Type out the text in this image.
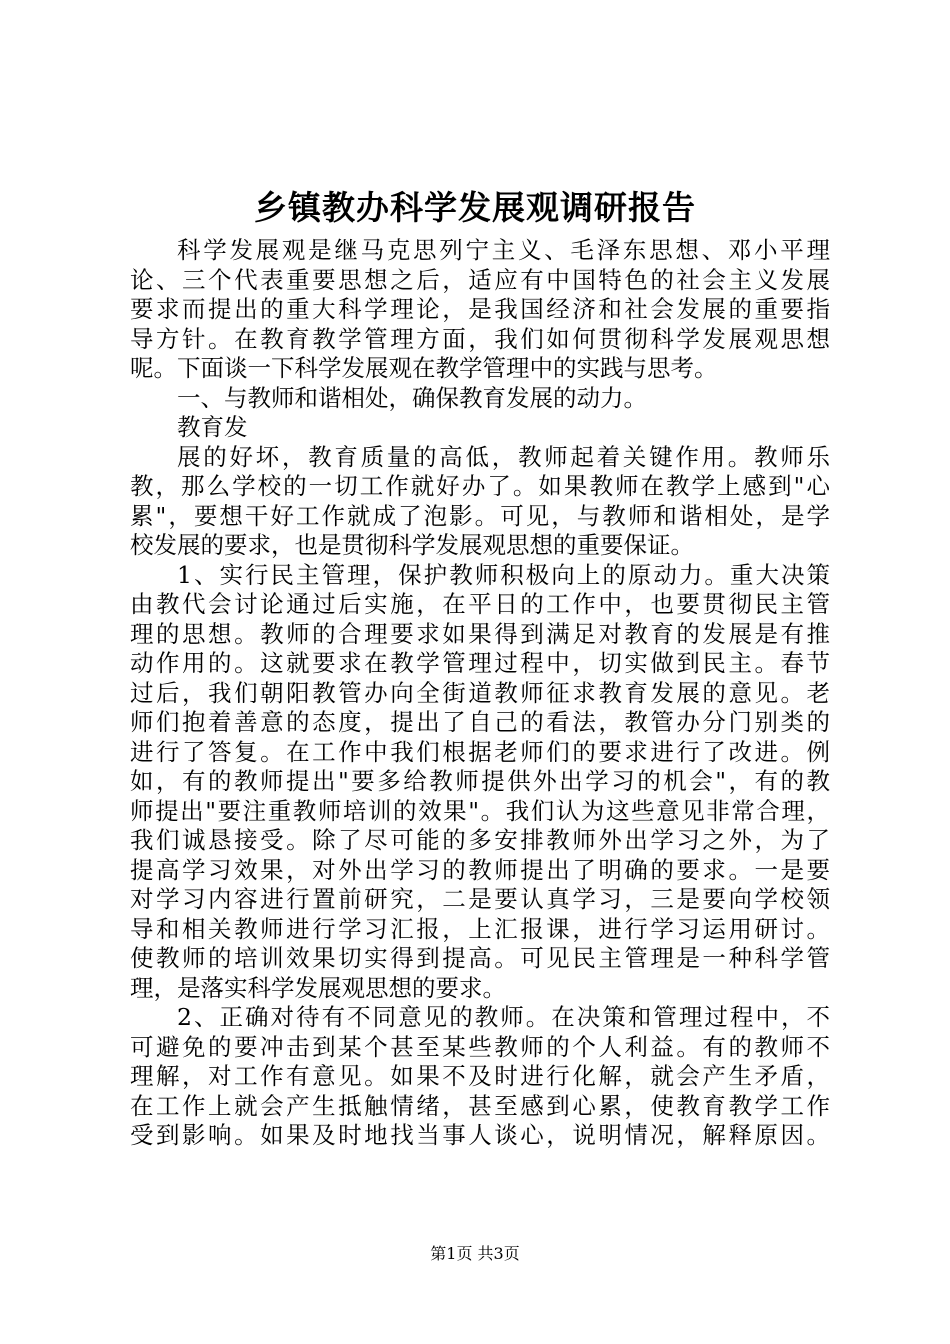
乡镇教办科学发展观调研报告
科学发展观是继马克思列宁主义、毛泽东思想、邓小平理
论、三个代表重要思想之后，适应有中国特色的社会主义发展
要求而提出的重大科学理论，是我国经济和社会发展的重要指
导方针。在教育教学管理方面，我们如何贯彻科学发展观思想
呢。下面谈一下科学发展观在教学管理中的实践与思考。
一、与教师和谐相处，确保教育发展的动力。
教育发
展的好坏，教育质量的高低，教师起着关键作用。教师乐
教，那么学校的一切工作就好办了。如果教师在教学上感到"心
累"，要想干好工作就成了泡影。可见，与教师和谐相处，是学
校发展的要求，也是贯彻科学发展观思想的重要保证。
1、实行民主管理，保护教师积极向上的原动力。重大决策
由教代会讨论通过后实施，在平日的工作中，也要贯彻民主管
理的思想。教师的合理要求如果得到满足对教育的发展是有推
动作用的。这就要求在教学管理过程中，切实做到民主。春节
过后，我们朝阳教管办向全街道教师征求教育发展的意见。老
师们抱着善意的态度，提出了自己的看法，教管办分门别类的
进行了答复。在工作中我们根据老师们的要求进行了改进。例
如，有的教师提出"要多给教师提供外出学习的机会"，有的教
师提出"要注重教师培训的效果"。我们认为这些意见非常合理，
我们诚恳接受。除了尽可能的多安排教师外出学习之外，为了
提高学习效果，对外出学习的教师提出了明确的要求。一是要
对学习内容进行置前研究，二是要认真学习，三是要向学校领
导和相关教师进行学习汇报，上汇报课，进行学习运用研讨。
使教师的培训效果切实得到提高。可见民主管理是一种科学管
理，是落实科学发展观思想的要求。
2、正确对待有不同意见的教师。在决策和管理过程中，不
可避免的要冲击到某个甚至某些教师的个人利益。有的教师不
理解，对工作有意见。如果不及时进行化解，就会产生矛盾，
在工作上就会产生抵触情绪，甚至感到心累，使教育教学工作
受到影响。如果及时地找当事人谈心，说明情况，解释原因。
第1页 共3页
